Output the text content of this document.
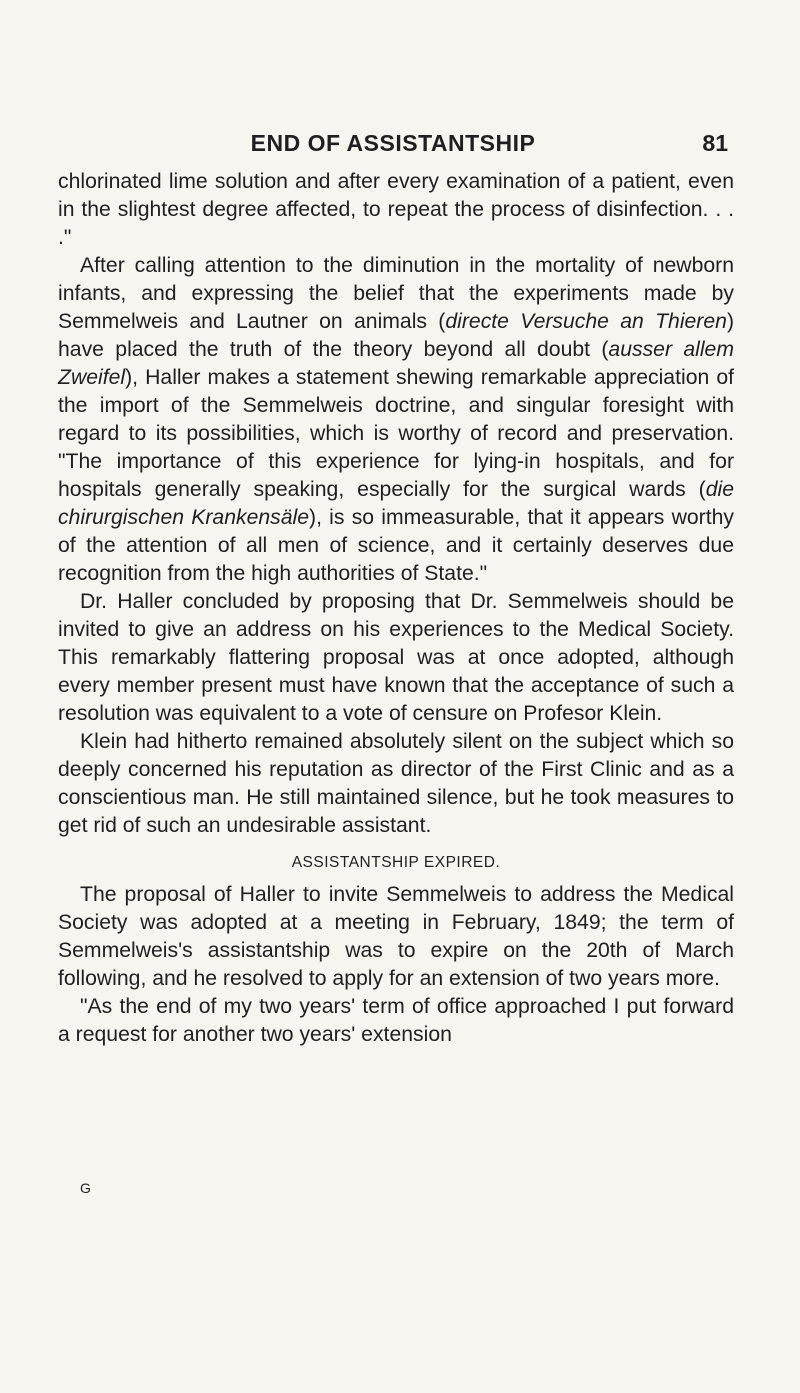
END OF ASSISTANTSHIP	81

chlorinated lime solution and after every examination of a patient, even in the slightest degree affected, to repeat the process of disinfection. . . ."

After calling attention to the diminution in the mortality of newborn infants, and expressing the belief that the experiments made by Semmelweis and Lautner on animals (directe Versuche an Thieren) have placed the truth of the theory beyond all doubt (ausser allem Zweifel), Haller makes a statement shewing remarkable appreciation of the import of the Semmelweis doctrine, and singular foresight with regard to its possibilities, which is worthy of record and preservation. "The importance of this experience for lying-in hospitals, and for hospitals generally speaking, especially for the surgical wards (die chirurgischen Krankensäle), is so immeasurable, that it appears worthy of the attention of all men of science, and it certainly deserves due recognition from the high authorities of State."

Dr. Haller concluded by proposing that Dr. Semmelweis should be invited to give an address on his experiences to the Medical Society. This remarkably flattering proposal was at once adopted, although every member present must have known that the acceptance of such a resolution was equivalent to a vote of censure on Profesor Klein.

Klein had hitherto remained absolutely silent on the subject which so deeply concerned his reputation as director of the First Clinic and as a conscientious man. He still maintained silence, but he took measures to get rid of such an undesirable assistant.

ASSISTANTSHIP EXPIRED.

The proposal of Haller to invite Semmelweis to address the Medical Society was adopted at a meeting in February, 1849; the term of Semmelweis's assistantship was to expire on the 20th of March following, and he resolved to apply for an extension of two years more.

"As the end of my two years' term of office approached I put forward a request for another two years' extension

G
